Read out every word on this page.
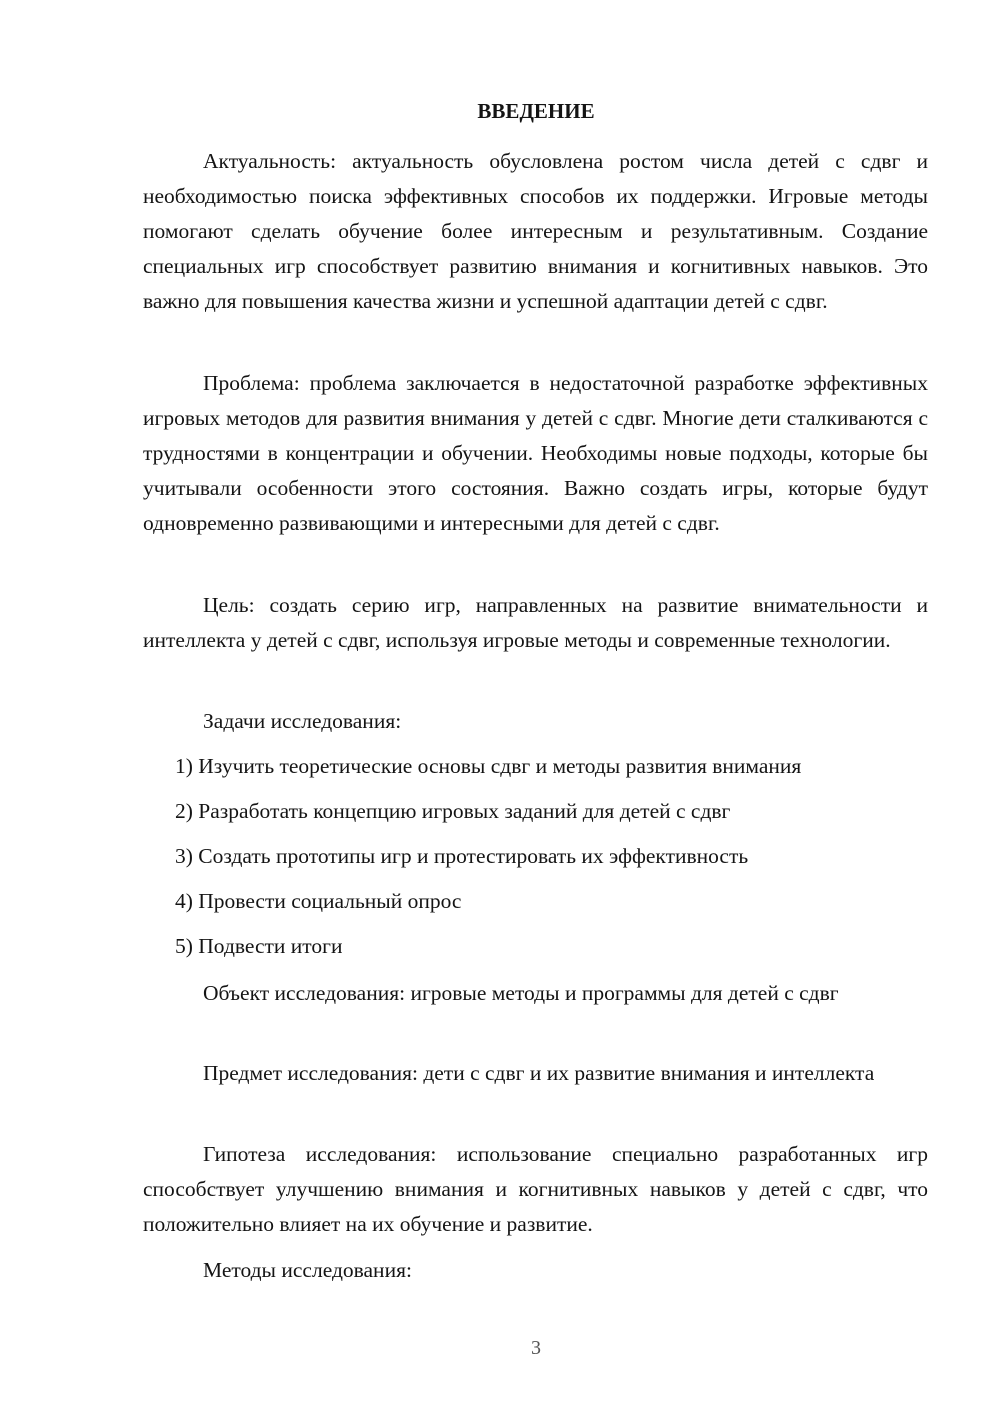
ВВЕДЕНИЕ

Актуальность: актуальность обусловлена ростом числа детей с сдвг и необходимостью поиска эффективных способов их поддержки. Игровые методы помогают сделать обучение более интересным и результативным. Создание специальных игр способствует развитию внимания и когнитивных навыков. Это важно для повышения качества жизни и успешной адаптации детей с сдвг.

Проблема: проблема заключается в недостаточной разработке эффективных игровых методов для развития внимания у детей с сдвг. Многие дети сталкиваются с трудностями в концентрации и обучении. Необходимы новые подходы, которые бы учитывали особенности этого состояния. Важно создать игры, которые будут одновременно развивающими и интересными для детей с сдвг.

Цель: создать серию игр, направленных на развитие внимательности и интеллекта у детей с сдвг, используя игровые методы и современные технологии.

Задачи исследования:

1) Изучить теоретические основы сдвг и методы развития внимания

2) Разработать концепцию игровых заданий для детей с сдвг

3) Создать прототипы игр и протестировать их эффективность

4) Провести социальный опрос

5) Подвести итоги

Объект исследования: игровые методы и программы для детей с сдвг

Предмет исследования: дети с сдвг и их развитие внимания и интеллекта

Гипотеза исследования: использование специально разработанных игр способствует улучшению внимания и когнитивных навыков у детей с сдвг, что положительно влияет на их обучение и развитие.

Методы исследования:

3
